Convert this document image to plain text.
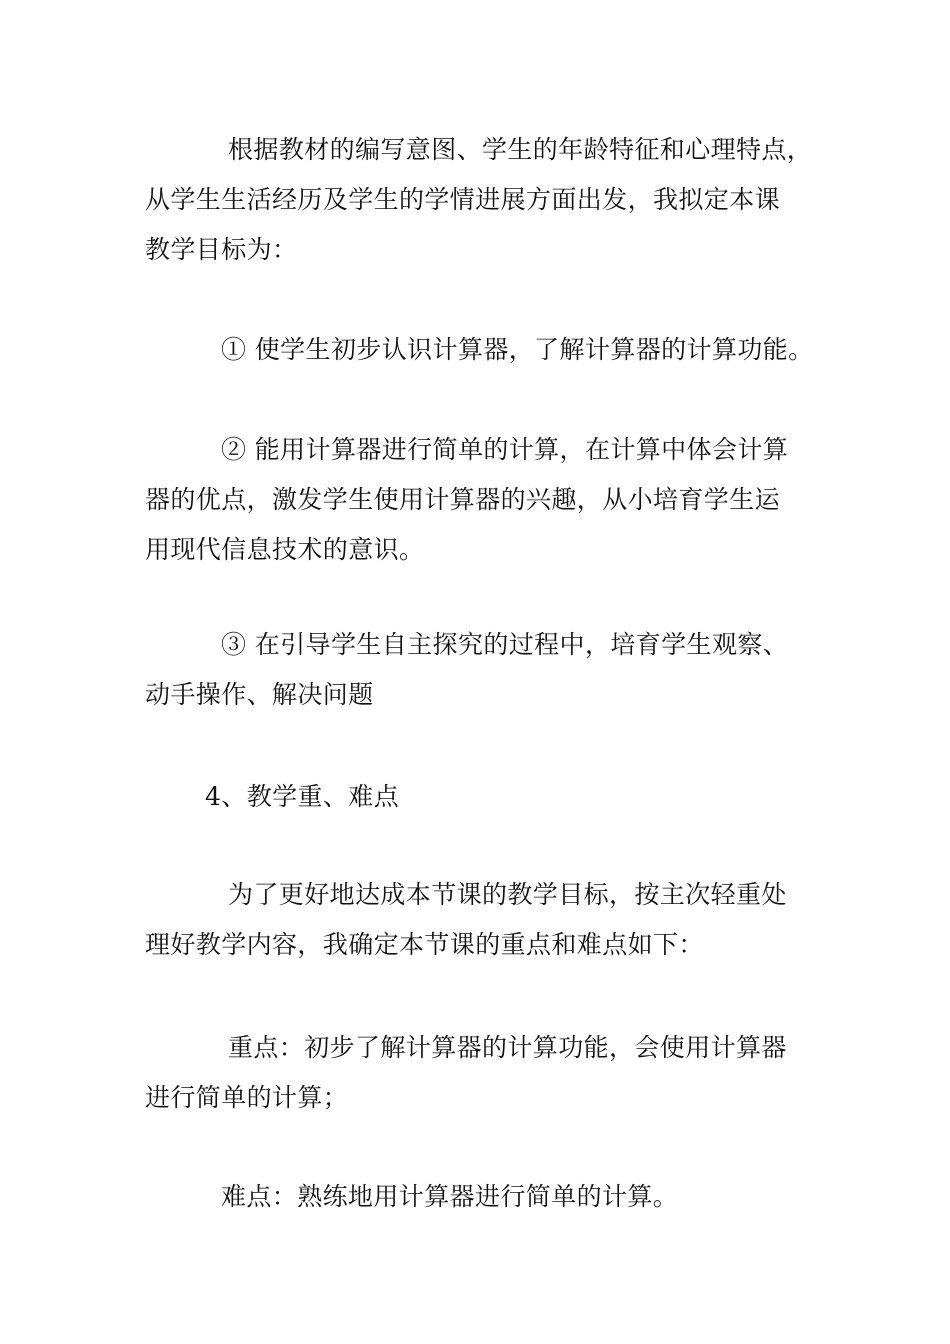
根据教材的编写意图、学生的年龄特征和心理特点，
从学生生活经历及学生的学情进展方面出发，我拟定本课
教学目标为：

① 使学生初步认识计算器，了解计算器的计算功能。

② 能用计算器进行简单的计算，在计算中体会计算
器的优点，激发学生使用计算器的兴趣，从小培育学生运
用现代信息技术的意识。

③ 在引导学生自主探究的过程中，培育学生观察、
动手操作、解决问题

4、教学重、难点

为了更好地达成本节课的教学目标，按主次轻重处
理好教学内容，我确定本节课的重点和难点如下：

重点：初步了解计算器的计算功能，会使用计算器
进行简单的计算；

难点：熟练地用计算器进行简单的计算。
